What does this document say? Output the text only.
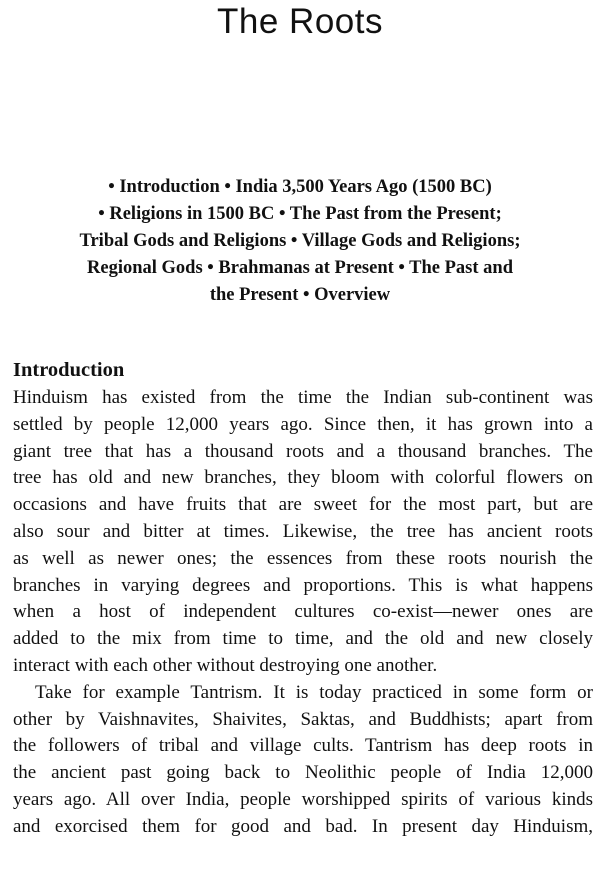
The Roots

• Introduction • India 3,500 Years Ago (1500 BC)
• Religions in 1500 BC • The Past from the Present;
Tribal Gods and Religions • Village Gods and Religions;
Regional Gods • Brahmanas at Present • The Past and
the Present • Overview

Introduction
Hinduism has existed from the time the Indian sub-continent was
settled by people 12,000 years ago. Since then, it has grown into a
giant tree that has a thousand roots and a thousand branches. The
tree has old and new branches, they bloom with colorful flowers on
occasions and have fruits that are sweet for the most part, but are
also sour and bitter at times. Likewise, the tree has ancient roots
as well as newer ones; the essences from these roots nourish the
branches in varying degrees and proportions. This is what happens
when a host of independent cultures co-exist—newer ones are
added to the mix from time to time, and the old and new closely
interact with each other without destroying one another.
Take for example Tantrism. It is today practiced in some form or
other by Vaishnavites, Shaivites, Saktas, and Buddhists; apart from
the followers of tribal and village cults. Tantrism has deep roots in
the ancient past going back to Neolithic people of India 12,000
years ago. All over India, people worshipped spirits of various kinds
and exorcised them for good and bad. In present day Hinduism,
